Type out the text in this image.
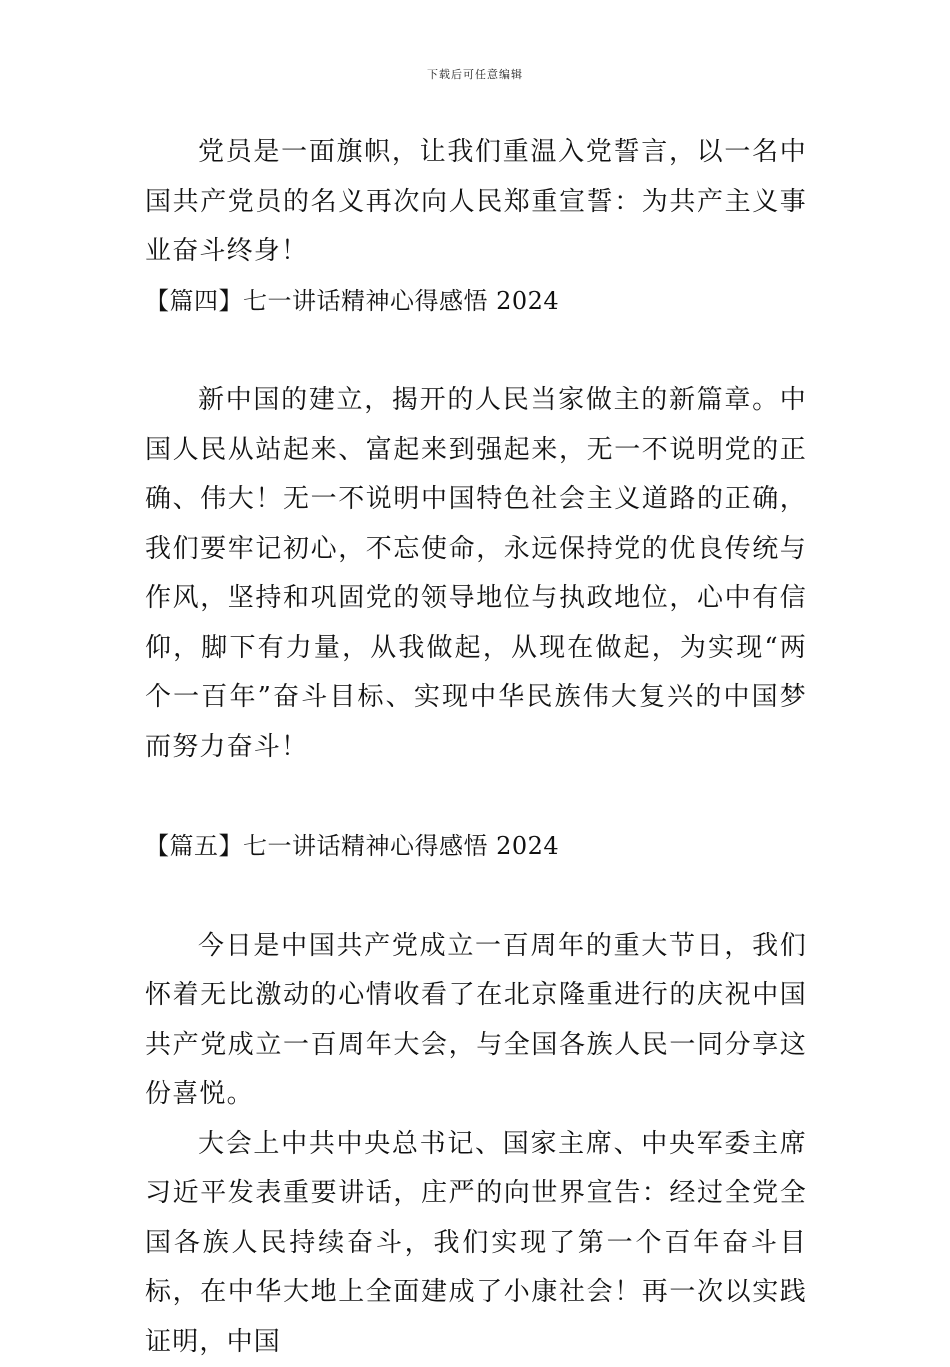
下载后可任意编辑

党员是一面旗帜，让我们重温入党誓言，以一名中国共产党员的名义再次向人民郑重宣誓：为共产主义事业奋斗终身！

【篇四】七一讲话精神心得感悟 2024

新中国的建立，揭开的人民当家做主的新篇章。中国人民从站起来、富起来到强起来，无一不说明党的正确、伟大！无一不说明中国特色社会主义道路的正确，我们要牢记初心，不忘使命，永远保持党的优良传统与作风，坚持和巩固党的领导地位与执政地位，心中有信仰，脚下有力量，从我做起，从现在做起，为实现“两个一百年”奋斗目标、实现中华民族伟大复兴的中国梦而努力奋斗！

【篇五】七一讲话精神心得感悟 2024

今日是中国共产党成立一百周年的重大节日，我们怀着无比激动的心情收看了在北京隆重进行的庆祝中国共产党成立一百周年大会，与全国各族人民一同分享这份喜悦。

大会上中共中央总书记、国家主席、中央军委主席习近平发表重要讲话，庄严的向世界宣告：经过全党全国各族人民持续奋斗，我们实现了第一个百年奋斗目标，在中华大地上全面建成了小康社会！再一次以实践证明，中国
